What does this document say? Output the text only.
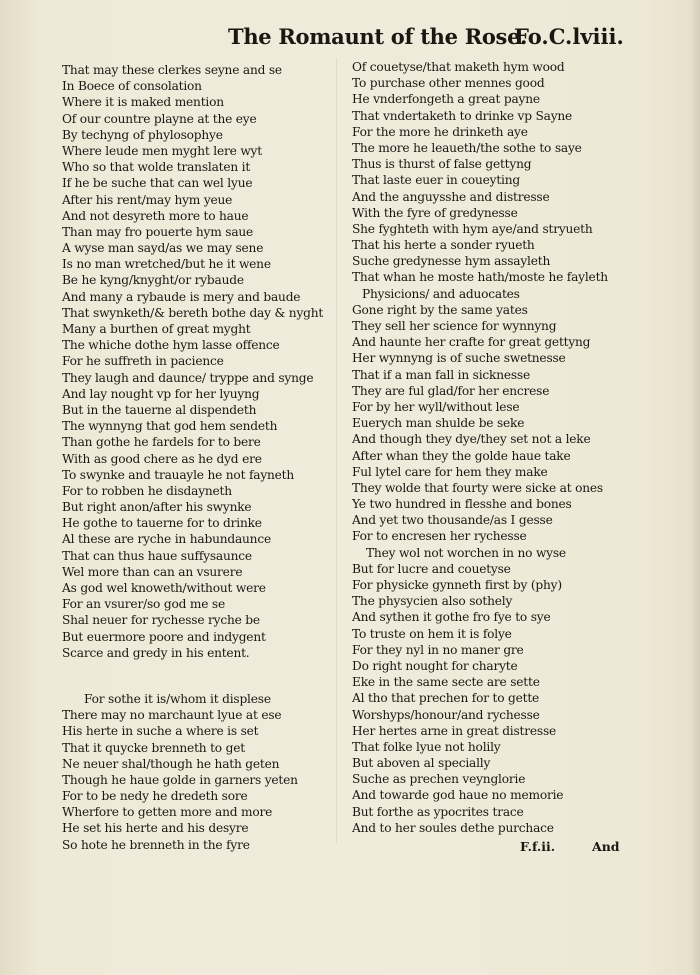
The Romaunt of the Rose.
Fo.C.lviii.
That may these clerkes seyne and se
In Boece of consolation
Where it is maked mention
Of our countre playne at the eye
By techyng of phylosophye
Where leude men myght lere wyt
Who so that wolde translaten it
If he be suche that can wel lyue
After his rent/may hym yeue
And not desyreth more to haue
Than may fro pouerte hym saue
A wyse man sayd/as we may sene
Is no man wretched/but he it wene
Be he kyng/knyght/or rybaude
And many a rybaude is mery and baude
That swynketh/& bereth bothe day & nyght
Many a burthen of great myght
The whiche dothe hym lasse offence
For he suffreth in pacience
They laugh and daunce/ tryppe and synge
And lay nought vp for her lyuyng
But in the tauerne al dispendeth
The wynnyng that god hem sendeth
Than gothe he fardels for to bere
With as good chere as he dyd ere
To swynke and trauayle he not fayneth
For to robben he disdayneth
But right anon/after his swynke
He gothe to tauerne for to drinke
Al these are ryche in habundaunce
That can thus haue suffysaunce
Wel more than can an vsurere
As god wel knoweth/without were
For an vsurer/so god me se
Shal neuer for rychesse ryche be
But euermore poore and indygent
Scarce and gredy in his entent.
For sothe it is/whom it displese
There may no marchaunt lyue at ese
His herte in suche a where is set
That it quycke brenneth to get
Ne neuer shal/though he hath geten
Though he haue golde in garners yeten
For to be nedy he dredeth sore
Wherfore to getten more and more
He set his herte and his desyre
So hote he brenneth in the fyre
Of couetyse/that maketh hym wood
To purchase other mennes good
He vnderfongeth a great payne
That vndertaketh to drinke vp Sayne
For the more he drinketh aye
The more he leaueth/the sothe to saye
Thus is thurst of false gettyng
That laste euer in coueyting
And the anguysshe and distresse
With the fyre of gredynesse
She fyghteth with hym aye/and stryueth
That his herte a sonder ryueth
Suche gredynesse hym assayleth
That whan he moste hath/moste he fayleth
Physicions/ and aduocates
Gone right by the same yates
They sell her science for wynnyng
And haunte her crafte for great gettyng
Her wynnyng is of suche swetnesse
That if a man fall in sicknesse
They are ful glad/for her encrese
For by her wyll/without lese
Euerych man shulde be seke
And though they dye/they set not a leke
After whan they the golde haue take
Ful lytel care for hem they make
They wolde that fourty were sicke at ones
Ye two hundred in flesshe and bones
And yet two thousande/as I gesse
For to encresen her rychesse
They wol not worchen in no wyse
But for lucre and couetyse
For physicke gynneth first by (phy)
The physycien also sothely
And sythen it gothe fro fye to sye
To truste on hem it is folye
For they nyl in no maner gre
Do right nought for charyte
Eke in the same secte are sette
Al tho that prechen for to gette
Worshyps/honour/and rychesse
Her hertes arne in great distresse
That folke lyue not holily
But aboven al specially
Suche as prechen veynglorie
And towarde god haue no memorie
But forthe as ypocrites trace
And to her soules dethe purchace
F.f.ii.	And
